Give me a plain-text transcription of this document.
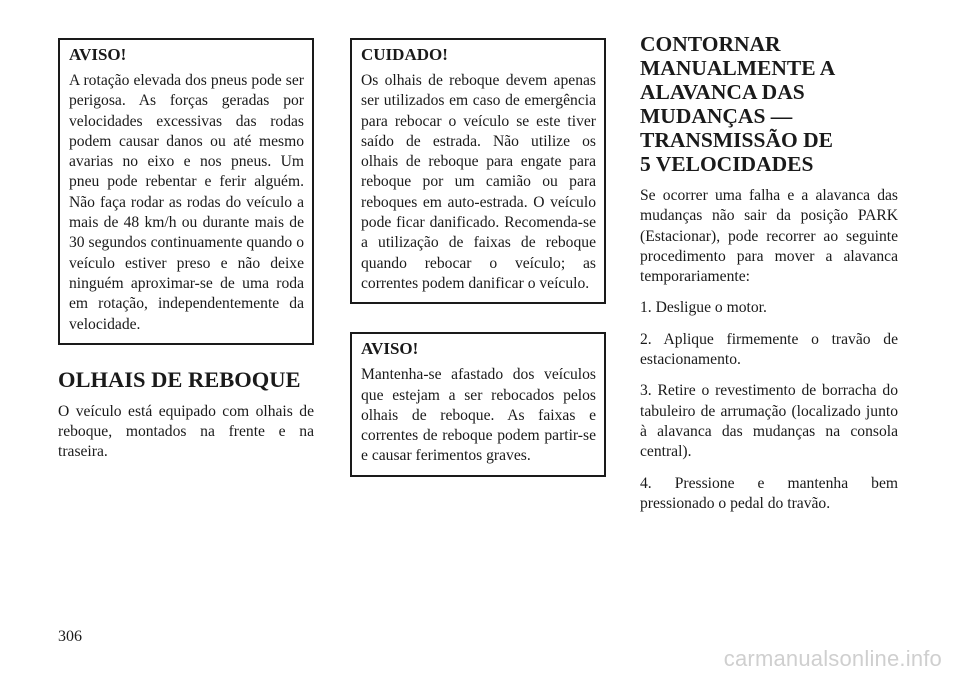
AVISO!

A rotação elevada dos pneus pode ser perigosa. As forças geradas por velocidades excessivas das rodas podem causar danos ou até mesmo avarias no eixo e nos pneus. Um pneu pode rebentar e ferir alguém. Não faça rodar as rodas do veículo a mais de 48 km/h ou durante mais de 30 segundos continuamente quando o veículo estiver preso e não deixe ninguém aproximar-se de uma roda em rotação, independentemente da velocidade.

OLHAIS DE REBOQUE

O veículo está equipado com olhais de reboque, montados na frente e na traseira.

CUIDADO!

Os olhais de reboque devem apenas ser utilizados em caso de emergência para rebocar o veículo se este tiver saído de estrada. Não utilize os olhais de reboque para engate para reboque por um camião ou para reboques em auto-estrada. O veículo pode ficar danificado. Recomenda-se a utilização de faixas de reboque quando rebocar o veículo; as correntes podem danificar o veículo.

AVISO!

Mantenha-se afastado dos veículos que estejam a ser rebocados pelos olhais de reboque. As faixas e correntes de reboque podem partir-se e causar ferimentos graves.

CONTORNAR
MANUALMENTE A
ALAVANCA DAS
MUDANÇAS —
TRANSMISSÃO DE
5 VELOCIDADES

Se ocorrer uma falha e a alavanca das mudanças não sair da posição PARK (Estacionar), pode recorrer ao seguinte procedimento para mover a alavanca temporariamente:

1. Desligue o motor.

2. Aplique firmemente o travão de estacionamento.

3. Retire o revestimento de borracha do tabuleiro de arrumação (localizado junto à alavanca das mudanças na consola central).

4. Pressione e mantenha bem pressionado o pedal do travão.

306
carmanualsonline.info
